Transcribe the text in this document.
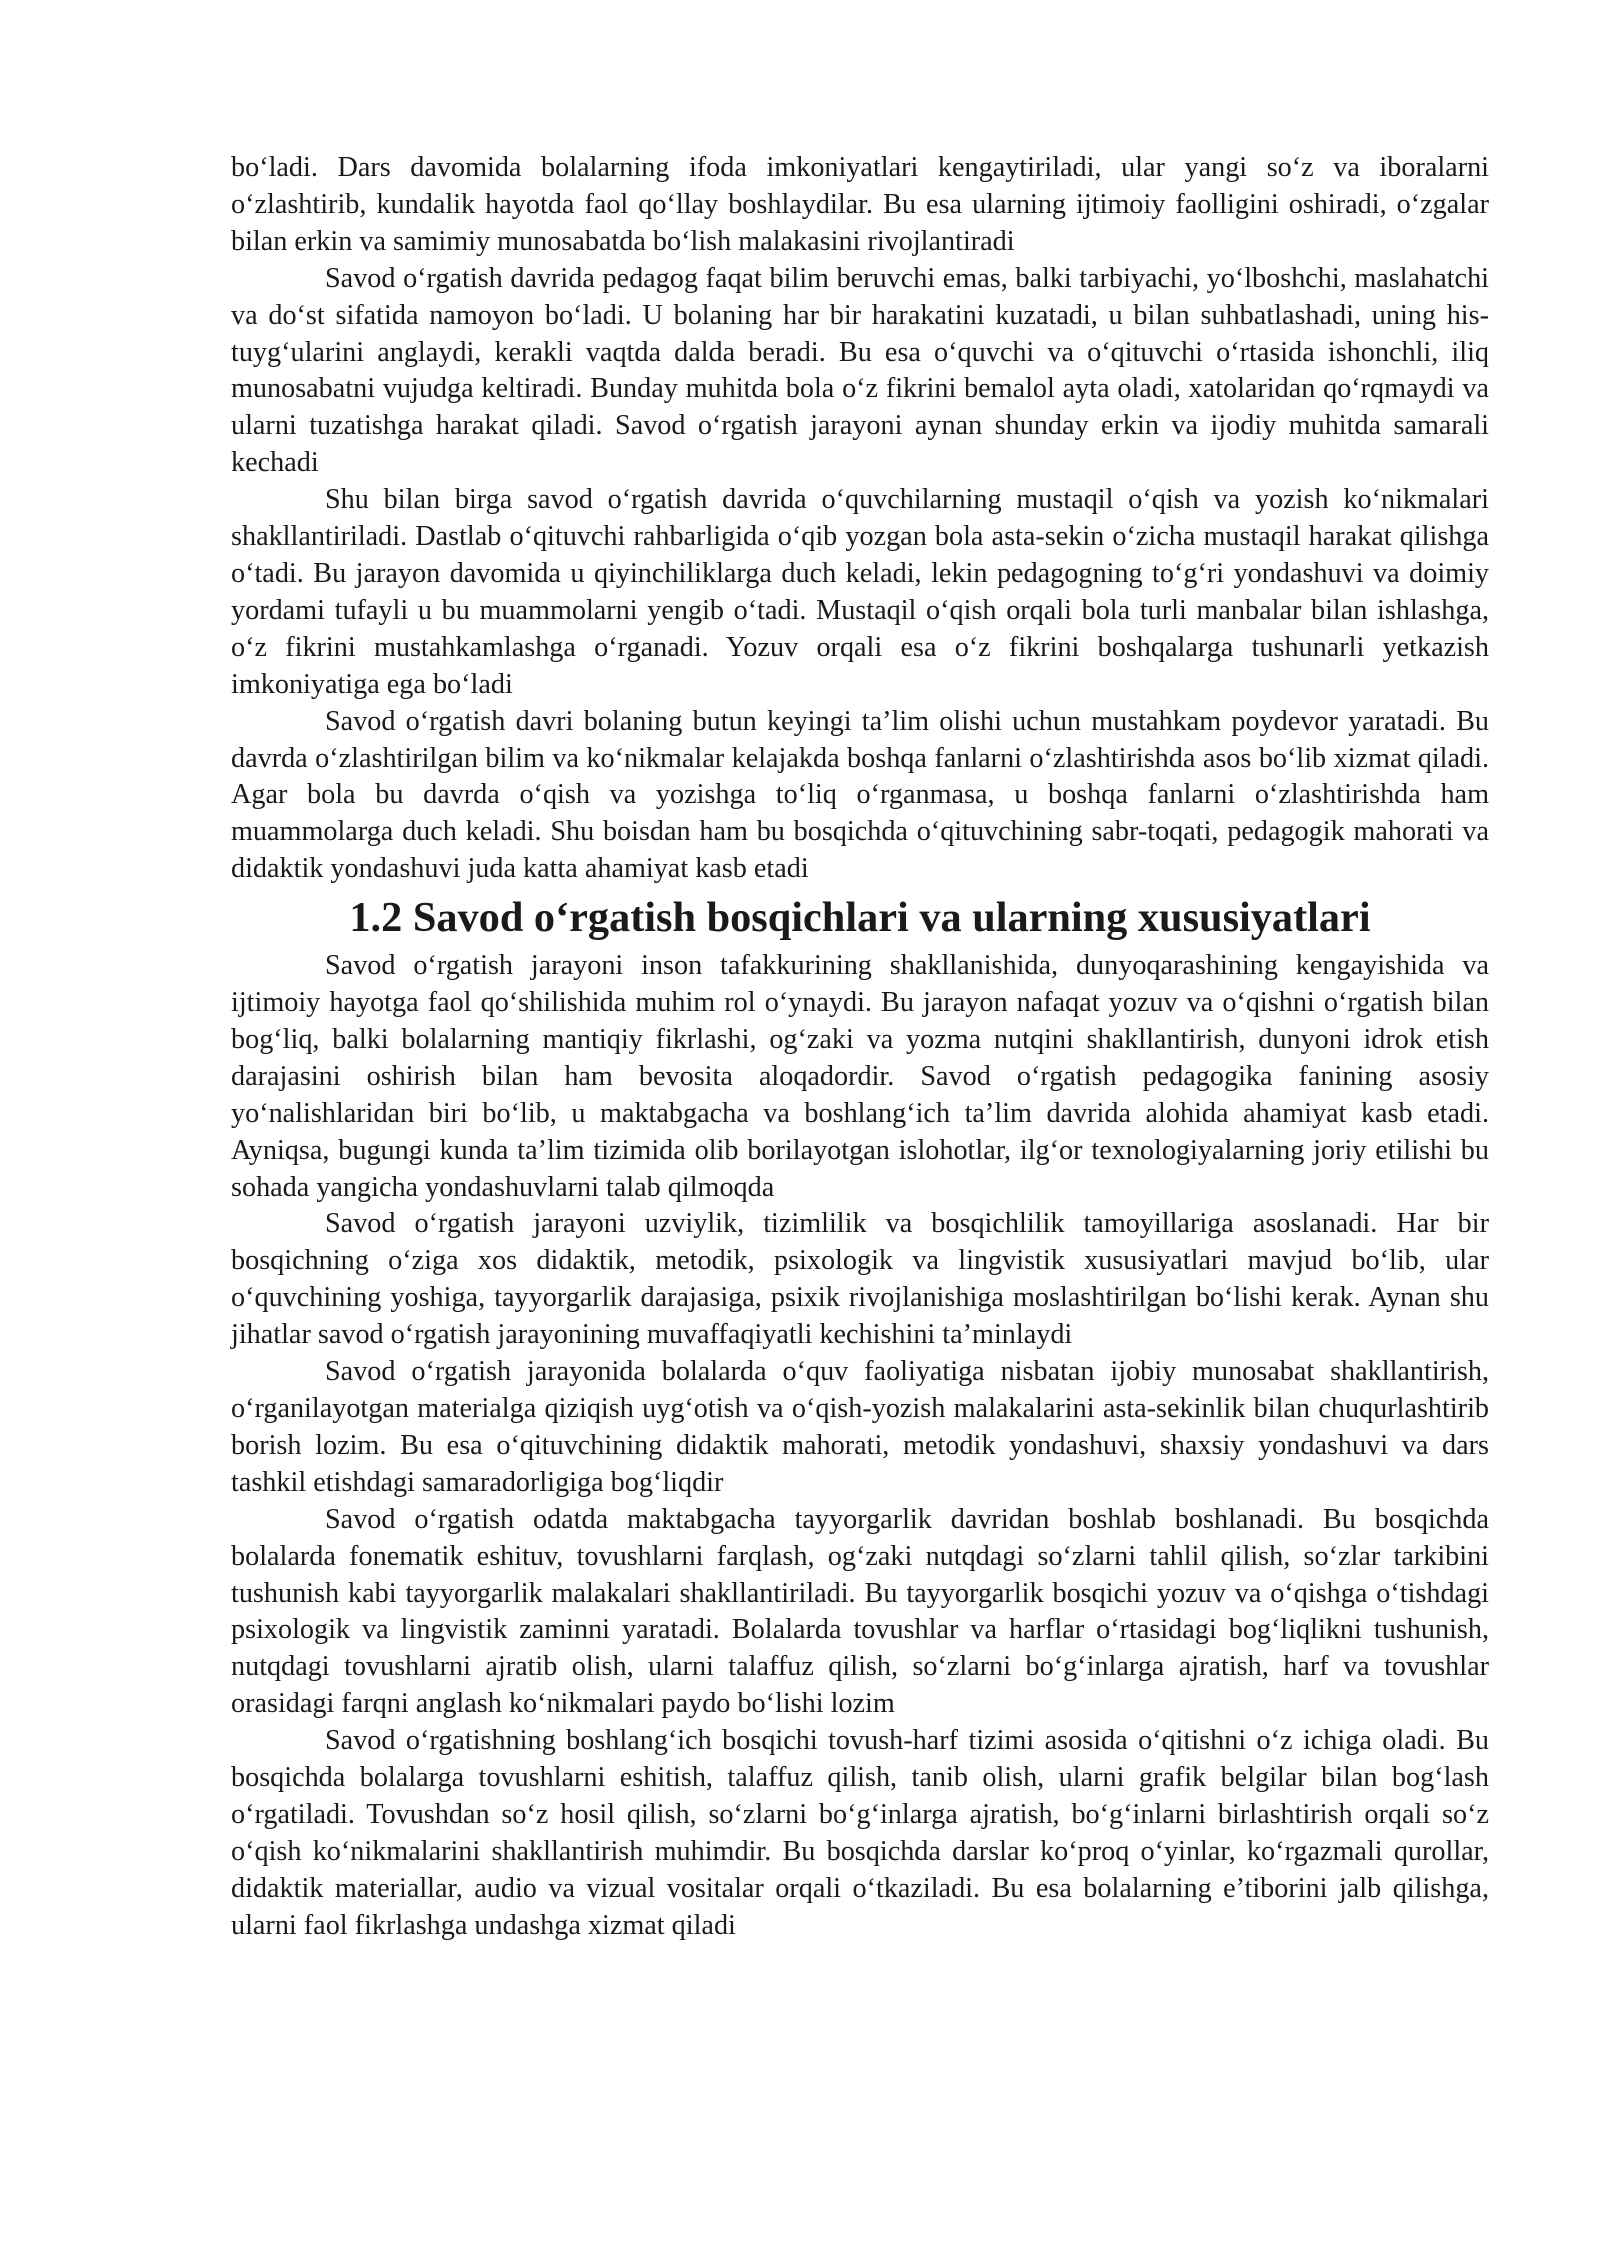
bo‘ladi. Dars davomida bolalarning ifoda imkoniyatlari kengaytiriladi, ular yangi so‘z va iboralarni o‘zlashtirib, kundalik hayotda faol qo‘llay boshlaydilar. Bu esa ularning ijtimoiy faolligini oshiradi, o‘zgalar bilan erkin va samimiy munosabatda bo‘lish malakasini rivojlantiradi

Savod o‘rgatish davrida pedagog faqat bilim beruvchi emas, balki tarbiyachi, yo‘lboshchi, maslahatchi va do‘st sifatida namoyon bo‘ladi. U bolaning har bir harakatini kuzatadi, u bilan suhbatlashadi, uning his-tuyg‘ularini anglaydi, kerakli vaqtda dalda beradi. Bu esa o‘quvchi va o‘qituvchi o‘rtasida ishonchli, iliq munosabatni vujudga keltiradi. Bunday muhitda bola o‘z fikrini bemalol ayta oladi, xatolaridan qo‘rqmaydi va ularni tuzatishga harakat qiladi. Savod o‘rgatish jarayoni aynan shunday erkin va ijodiy muhitda samarali kechadi

Shu bilan birga savod o‘rgatish davrida o‘quvchilarning mustaqil o‘qish va yozish ko‘nikmalari shakllantiriladi. Dastlab o‘qituvchi rahbarligida o‘qib yozgan bola asta-sekin o‘zicha mustaqil harakat qilishga o‘tadi. Bu jarayon davomida u qiyinchiliklarga duch keladi, lekin pedagogning to‘g‘ri yondashuvi va doimiy yordami tufayli u bu muammolarni yengib o‘tadi. Mustaqil o‘qish orqali bola turli manbalar bilan ishlashga, o‘z fikrini mustahkamlashga o‘rganadi. Yozuv orqali esa o‘z fikrini boshqalarga tushunarli yetkazish imkoniyatiga ega bo‘ladi

Savod o‘rgatish davri bolaning butun keyingi ta’lim olishi uchun mustahkam poydevor yaratadi. Bu davrda o‘zlashtirilgan bilim va ko‘nikmalar kelajakda boshqa fanlarni o‘zlashtirishda asos bo‘lib xizmat qiladi. Agar bola bu davrda o‘qish va yozishga to‘liq o‘rganmasa, u boshqa fanlarni o‘zlashtirishda ham muammolarga duch keladi. Shu boisdan ham bu bosqichda o‘qituvchining sabr-toqati, pedagogik mahorati va didaktik yondashuvi juda katta ahamiyat kasb etadi

1.2 Savod o‘rgatish bosqichlari va ularning xususiyatlari

Savod o‘rgatish jarayoni inson tafakkurining shakllanishida, dunyoqarashining kengayishida va ijtimoiy hayotga faol qo‘shilishida muhim rol o‘ynaydi. Bu jarayon nafaqat yozuv va o‘qishni o‘rgatish bilan bog‘liq, balki bolalarning mantiqiy fikrlashi, og‘zaki va yozma nutqini shakllantirish, dunyoni idrok etish darajasini oshirish bilan ham bevosita aloqadordir. Savod o‘rgatish pedagogika fanining asosiy yo‘nalishlaridan biri bo‘lib, u maktabgacha va boshlang‘ich ta’lim davrida alohida ahamiyat kasb etadi. Ayniqsa, bugungi kunda ta’lim tizimida olib borilayotgan islohotlar, ilg‘or texnologiyalarning joriy etilishi bu sohada yangicha yondashuvlarni talab qilmoqda

Savod o‘rgatish jarayoni uzviylik, tizimlilik va bosqichlilik tamoyillariga asoslanadi. Har bir bosqichning o‘ziga xos didaktik, metodik, psixologik va lingvistik xususiyatlari mavjud bo‘lib, ular o‘quvchining yoshiga, tayyorgarlik darajasiga, psixik rivojlanishiga moslashtirilgan bo‘lishi kerak. Aynan shu jihatlar savod o‘rgatish jarayonining muvaffaqiyatli kechishini ta’minlaydi

Savod o‘rgatish jarayonida bolalarda o‘quv faoliyatiga nisbatan ijobiy munosabat shakllantirish, o‘rganilayotgan materialga qiziqish uyg‘otish va o‘qish-yozish malakalarini asta-sekinlik bilan chuqurlashtirib borish lozim. Bu esa o‘qituvchining didaktik mahorati, metodik yondashuvi, shaxsiy yondashuvi va dars tashkil etishdagi samaradorligiga bog‘liqdir

Savod o‘rgatish odatda maktabgacha tayyorgarlik davridan boshlab boshlanadi. Bu bosqichda bolalarda fonematik eshituv, tovushlarni farqlash, og‘zaki nutqdagi so‘zlarni tahlil qilish, so‘zlar tarkibini tushunish kabi tayyorgarlik malakalari shakllantiriladi. Bu tayyorgarlik bosqichi yozuv va o‘qishga o‘tishdagi psixologik va lingvistik zaminni yaratadi. Bolalarda tovushlar va harflar o‘rtasidagi bog‘liqlikni tushunish, nutqdagi tovushlarni ajratib olish, ularni talaffuz qilish, so‘zlarni bo‘g‘inlarga ajratish, harf va tovushlar orasidagi farqni anglash ko‘nikmalari paydo bo‘lishi lozim

Savod o‘rgatishning boshlang‘ich bosqichi tovush-harf tizimi asosida o‘qitishni o‘z ichiga oladi. Bu bosqichda bolalarga tovushlarni eshitish, talaffuz qilish, tanib olish, ularni grafik belgilar bilan bog‘lash o‘rgatiladi. Tovushdan so‘z hosil qilish, so‘zlarni bo‘g‘inlarga ajratish, bo‘g‘inlarni birlashtirish orqali so‘z o‘qish ko‘nikmalarini shakllantirish muhimdir. Bu bosqichda darslar ko‘proq o‘yinlar, ko‘rgazmali qurollar, didaktik materiallar, audio va vizual vositalar orqali o‘tkaziladi. Bu esa bolalarning e’tiborini jalb qilishga, ularni faol fikrlashga undashga xizmat qiladi
